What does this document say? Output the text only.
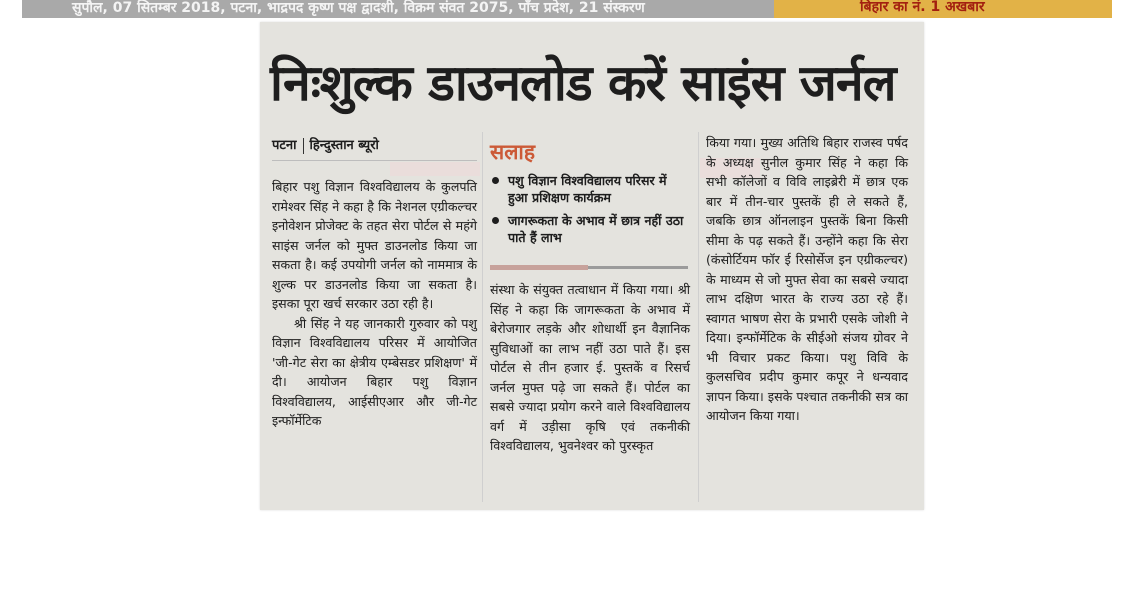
सुपौल, 07 सितम्बर 2018, पटना, भाद्रपद कृष्ण पक्ष द्वादशी, विक्रम संवत 2075, पाँच प्रदेश, 21 संस्करण	बिहार का नं. 1 अखबार
निःशुल्क डाउनलोड करें साइंस जर्नल
पटना हिन्दुस्तान ब्यूरो

बिहार पशु विज्ञान विश्वविद्यालय के कुलपति रामेश्वर सिंह ने कहा है कि नेशनल एग्रीकल्चर इनोवेशन प्रोजेक्ट के तहत सेरा पोर्टल से महंगे साइंस जर्नल को मुफ्त डाउनलोड किया जा सकता है। कई उपयोगी जर्नल को नाममात्र के शुल्क पर डाउनलोड किया जा सकता है। इसका पूरा खर्च सरकार उठा रही है।

श्री सिंह ने यह जानकारी गुरुवार को पशु विज्ञान विश्वविद्यालय परिसर में आयोजित 'जी-गेट सेरा का क्षेत्रीय एम्बेसडर प्रशिक्षण' में दी। आयोजन बिहार पशु विज्ञान विश्वविद्यालय, आईसीएआर और जी-गेट इन्फॉर्मेटिक

सलाह
पशु विज्ञान विश्वविद्यालय परिसर में हुआ प्रशिक्षण कार्यक्रम
जागरूकता के अभाव में छात्र नहीं उठा पाते हैं लाभ

संस्था के संयुक्त तत्वाधान में किया गया। श्री सिंह ने कहा कि जागरूकता के अभाव में बेरोजगार लड़के और शोधार्थी इन वैज्ञानिक सुविधाओं का लाभ नहीं उठा पाते हैं। इस पोर्टल से तीन हजार ई. पुस्तकें व रिसर्च जर्नल मुफ्त पढ़े जा सकते हैं। पोर्टल का सबसे ज्यादा प्रयोग करने वाले विश्वविद्यालय वर्ग में उड़ीसा कृषि एवं तकनीकी विश्वविद्यालय, भुवनेश्वर को पुरस्कृत

किया गया। मुख्य अतिथि बिहार राजस्व पर्षद के अध्यक्ष सुनील कुमार सिंह ने कहा कि सभी कॉलेजों व विवि लाइब्रेरी में छात्र एक बार में तीन-चार पुस्तकें ही ले सकते हैं, जबकि छात्र ऑनलाइन पुस्तकें बिना किसी सीमा के पढ़ सकते हैं। उन्होंने कहा कि सेरा (कंसोर्टियम फॉर ई रिसोर्सेज इन एग्रीकल्चर) के माध्यम से जो मुफ्त सेवा का सबसे ज्यादा लाभ दक्षिण भारत के राज्य उठा रहे हैं। स्वागत भाषण सेरा के प्रभारी एसके जोशी ने दिया। इन्फॉर्मेटिक के सीईओ संजय ग्रोवर ने भी विचार प्रकट किया। पशु विवि के कुलसचिव प्रदीप कुमार कपूर ने धन्यवाद ज्ञापन किया। इसके पश्चात तकनीकी सत्र का आयोजन किया गया।
